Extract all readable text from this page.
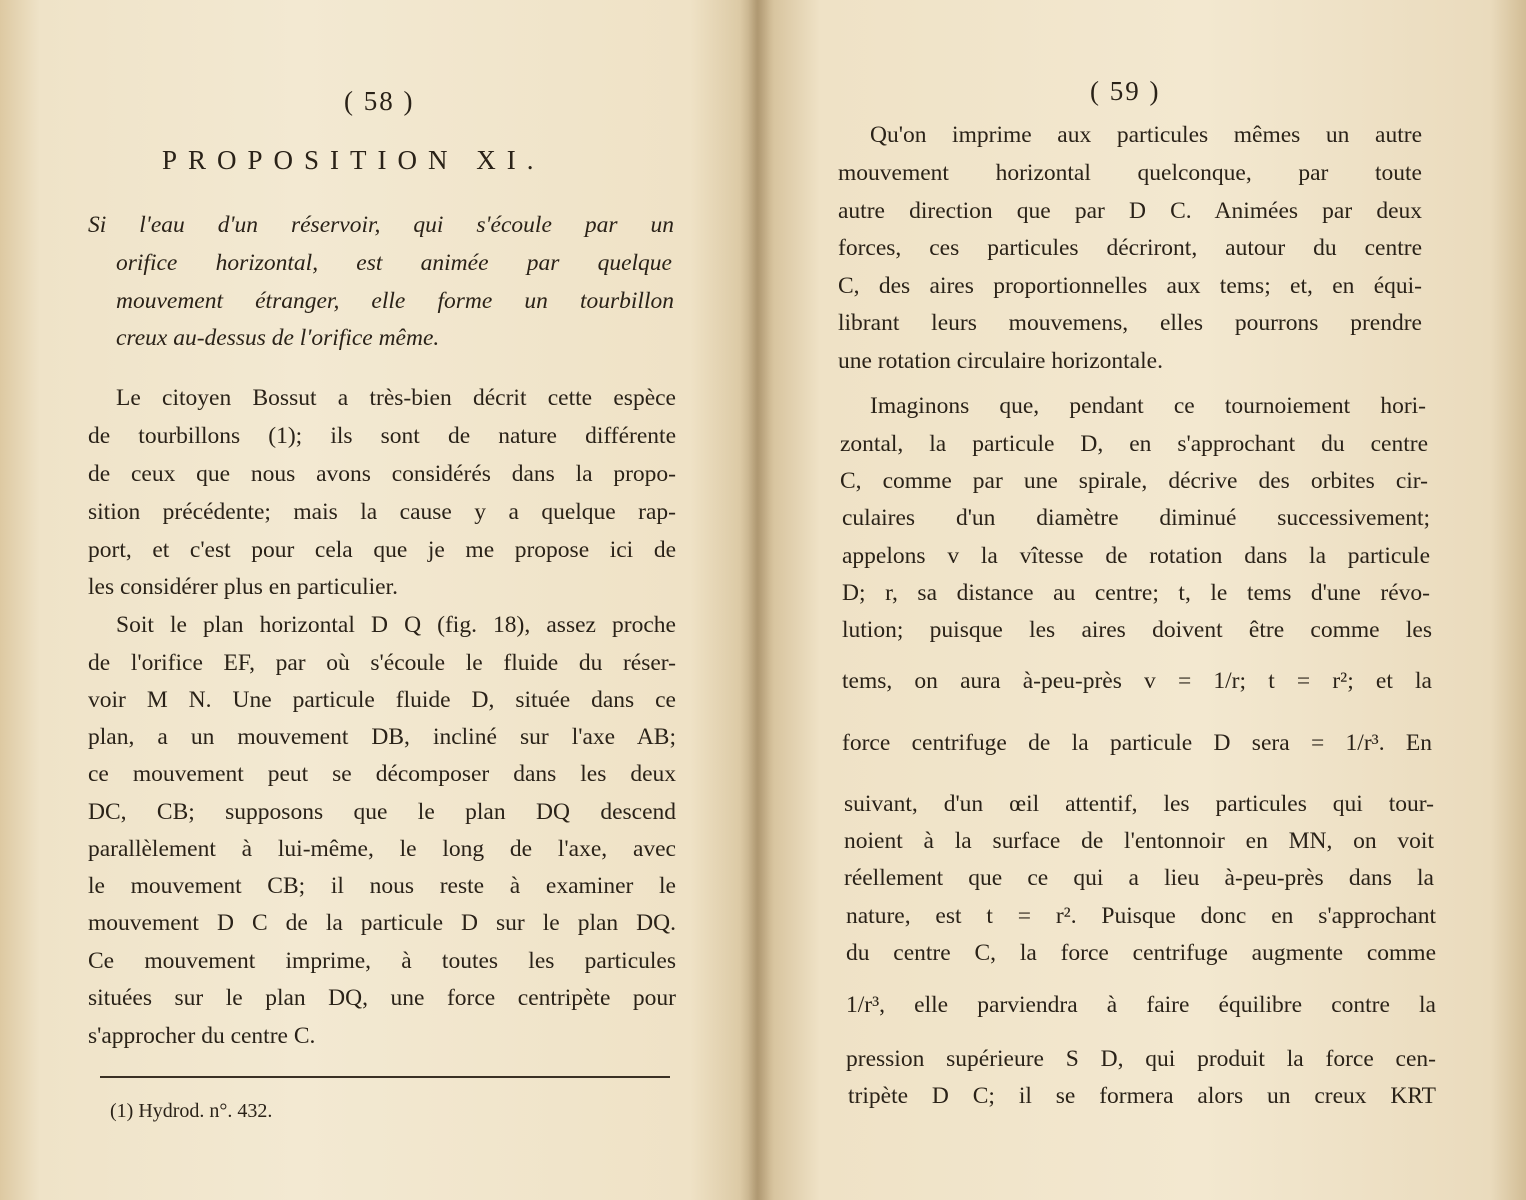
( 58 )
PROPOSITION XI.
Si l'eau d'un réservoir, qui s'écoule par un
orifice horizontal, est animée par quelque
mouvement étranger, elle forme un tourbillon
creux au-dessus de l'orifice même.
Le citoyen Bossut a très-bien décrit cette espèce
de tourbillons (1); ils sont de nature différente
de ceux que nous avons considérés dans la propo-
sition précédente; mais la cause y a quelque rap-
port, et c'est pour cela que je me propose ici de
les considérer plus en particulier.
Soit le plan horizontal D Q (fig. 18), assez proche
de l'orifice EF, par où s'écoule le fluide du réser-
voir M N. Une particule fluide D, située dans ce
plan, a un mouvement DB, incliné sur l'axe AB;
ce mouvement peut se décomposer dans les deux
DC, CB; supposons que le plan DQ descend
parallèlement à lui-même, le long de l'axe, avec
le mouvement CB; il nous reste à examiner le
mouvement D C de la particule D sur le plan DQ.
Ce mouvement imprime, à toutes les particules
situées sur le plan DQ, une force centripète pour
s'approcher du centre C.
(1) Hydrod. n°. 432.
( 59 )
Qu'on imprime aux particules mêmes un autre
mouvement horizontal quelconque, par toute
autre direction que par D C. Animées par deux
forces, ces particules décriront, autour du centre
C, des aires proportionnelles aux tems; et, en équi-
librant leurs mouvemens, elles pourrons prendre
une rotation circulaire horizontale.
Imaginons que, pendant ce tournoiement hori-
zontal, la particule D, en s'approchant du centre
C, comme par une spirale, décrive des orbites cir-
culaires d'un diamètre diminué successivement;
appelons v la vîtesse de rotation dans la particule
D; r, sa distance au centre; t, le tems d'une révo-
lution; puisque les aires doivent être comme les
tems, on aura à-peu-près v = 1/r; t = r²; et la
force centrifuge de la particule D sera = 1/r³. En
suivant, d'un œil attentif, les particules qui tour-
noient à la surface de l'entonnoir en MN, on voit
réellement que ce qui a lieu à-peu-près dans la
nature, est t = r². Puisque donc en s'approchant
du centre C, la force centrifuge augmente comme
1/r³, elle parviendra à faire équilibre contre la
pression supérieure S D, qui produit la force cen-
tripète D C; il se formera alors un creux KRT
